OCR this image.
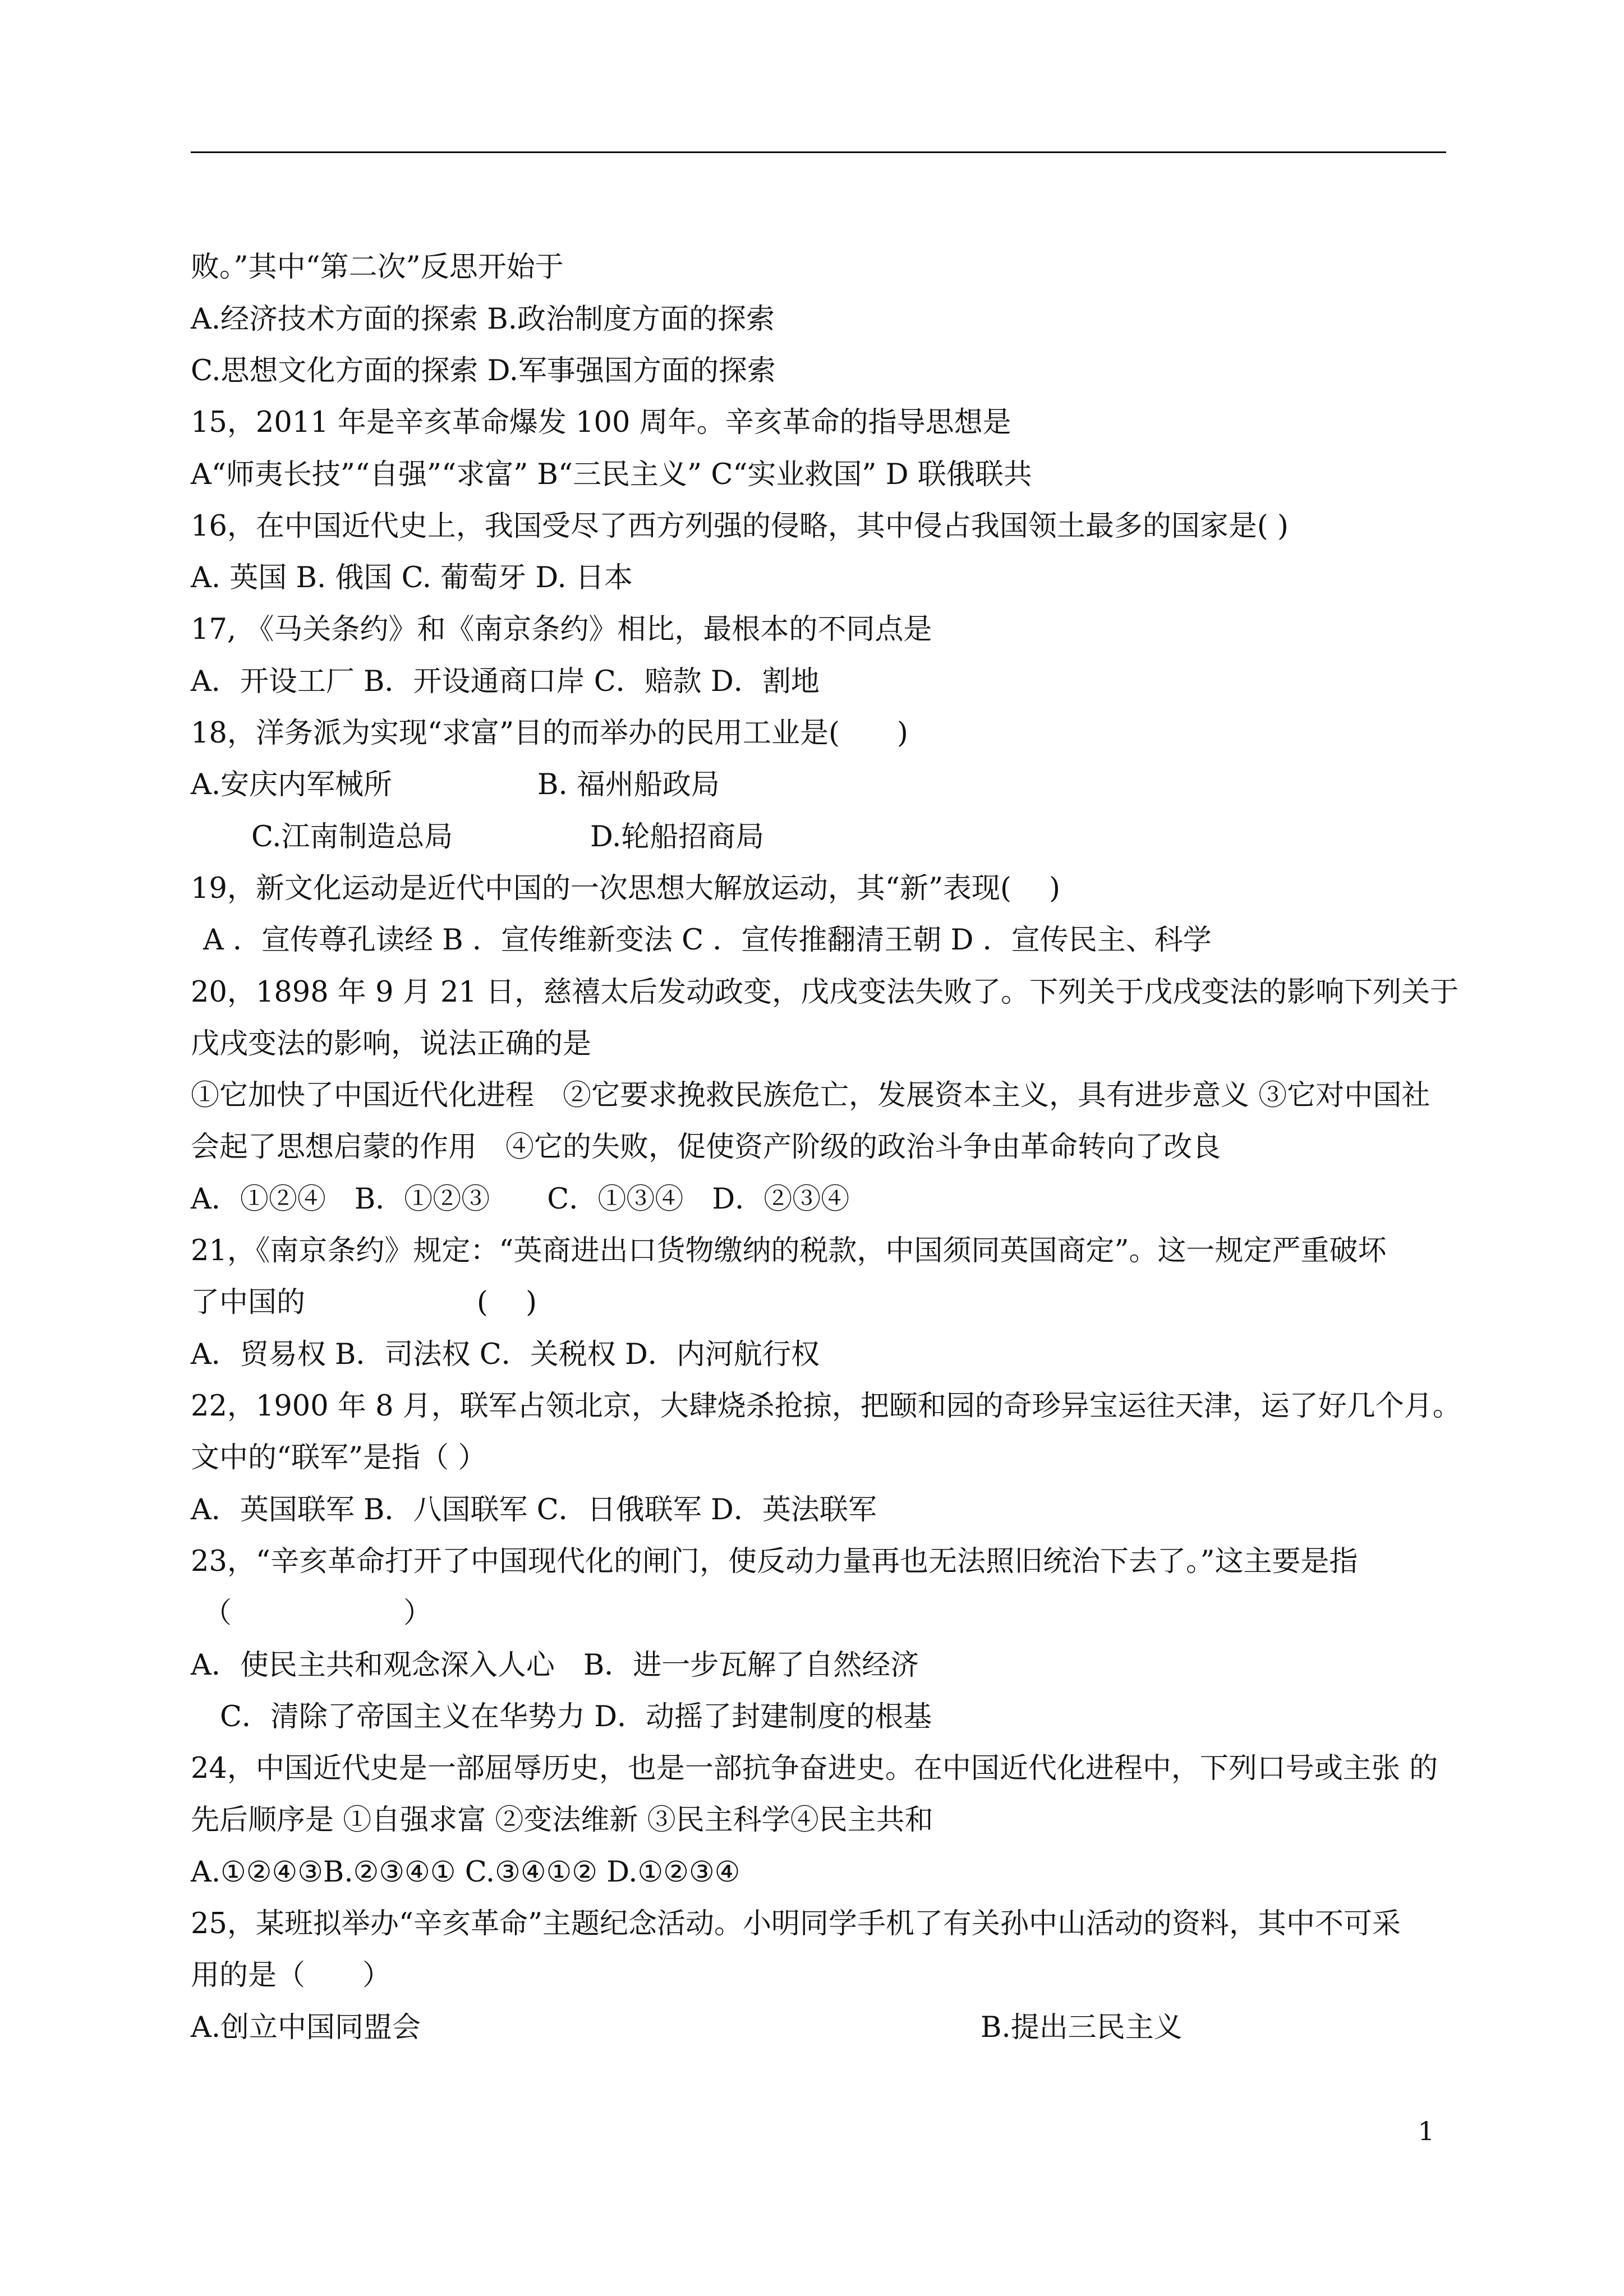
败。”其中“第二次”反思开始于
A.经济技术方面的探索 B.政治制度方面的探索
C.思想文化方面的探索 D.军事强国方面的探索
15，2011 年是辛亥革命爆发 100 周年。辛亥革命的指导思想是
A“师夷长技”“自强”“求富” B“三民主义” C“实业救国” D 联俄联共
16，在中国近代史上，我国受尽了西方列强的侵略，其中侵占我国领土最多的国家是( )
A. 英国 B. 俄国 C. 葡萄牙 D. 日本
17, 《马关条约》和《南京条约》相比，最根本的不同点是
A．开设工厂 B．开设通商口岸 C．赔款 D．割地
18，洋务派为实现“求富”目的而举办的民用工业是(　　)
A.安庆内军械所	B. 福州船政局
C.江南制造总局	D.轮船招商局
19，新文化运动是近代中国的一次思想大解放运动，其“新”表现(　 )
A ．宣传尊孔读经 B ．宣传维新变法 C ．宣传推翻清王朝 D ．宣传民主、科学
20，1898 年 9 月 21 日，慈禧太后发动政变，戊戌变法失败了。下列关于戊戌变法的影响下列关于
戊戌变法的影响，说法正确的是
①它加快了中国近代化进程　②它要求挽救民族危亡，发展资本主义，具有进步意义 ③它对中国社
会起了思想启蒙的作用　④它的失败，促使资产阶级的政治斗争由革命转向了改良
A．①②④　B．①②③　　C．①③④　D．②③④
21，《南京条约》规定：“英商进出口货物缴纳的税款，中国须同英国商定”。这一规定严重破坏
了中国的　　　　　　( 　)
A．贸易权 B．司法权 C．关税权 D．内河航行权
22，1900 年 8 月，联军占领北京，大肆烧杀抢掠，把颐和园的奇珍异宝运往天津，运了好几个月。
文中的“联军”是指（ ）
A．英国联军 B．八国联军 C．日俄联军 D．英法联军
23，“辛亥革命打开了中国现代化的闸门，使反动力量再也无法照旧统治下去了。”这主要是指
（　　　　　　）
A．使民主共和观念深入人心　B．进一步瓦解了自然经济
C．清除了帝国主义在华势力 D．动摇了封建制度的根基
24，中国近代史是一部屈辱历史，也是一部抗争奋进史。在中国近代化进程中，下列口号或主张 的
先后顺序是 ①自强求富 ②变法维新 ③民主科学④民主共和
A.①②④③B.②③④① C.③④①② D.①②③④
25，某班拟举办“辛亥革命”主题纪念活动。小明同学手机了有关孙中山活动的资料，其中不可采
用的是（　　）
A.创立中国同盟会	B.提出三民主义
1
